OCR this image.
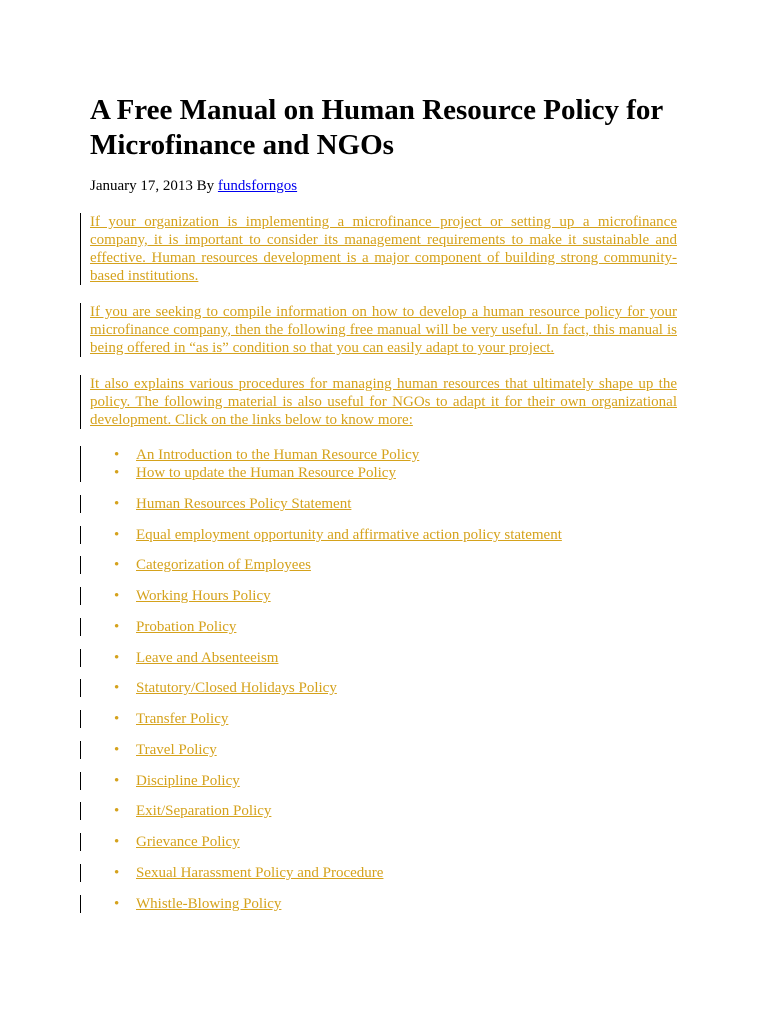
A Free Manual on Human Resource Policy for Microfinance and NGOs
January 17, 2013 By fundsforngos
If your organization is implementing a microfinance project or setting up a microfinance company, it is important to consider its management requirements to make it sustainable and effective. Human resources development is a major component of building strong community-based institutions.
If you are seeking to compile information on how to develop a human resource policy for your microfinance company, then the following free manual will be very useful. In fact, this manual is being offered in “as is” condition so that you can easily adapt to your project.
It also explains various procedures for managing human resources that ultimately shape up the policy. The following material is also useful for NGOs to adapt it for their own organizational development. Click on the links below to know more:
• An Introduction to the Human Resource Policy
• How to update the Human Resource Policy
• Human Resources Policy Statement
• Equal employment opportunity and affirmative action policy statement
• Categorization of Employees
• Working Hours Policy
• Probation Policy
• Leave and Absenteeism
• Statutory/Closed Holidays Policy
• Transfer Policy
• Travel Policy
• Discipline Policy
• Exit/Separation Policy
• Grievance Policy
• Sexual Harassment Policy and Procedure
• Whistle-Blowing Policy
